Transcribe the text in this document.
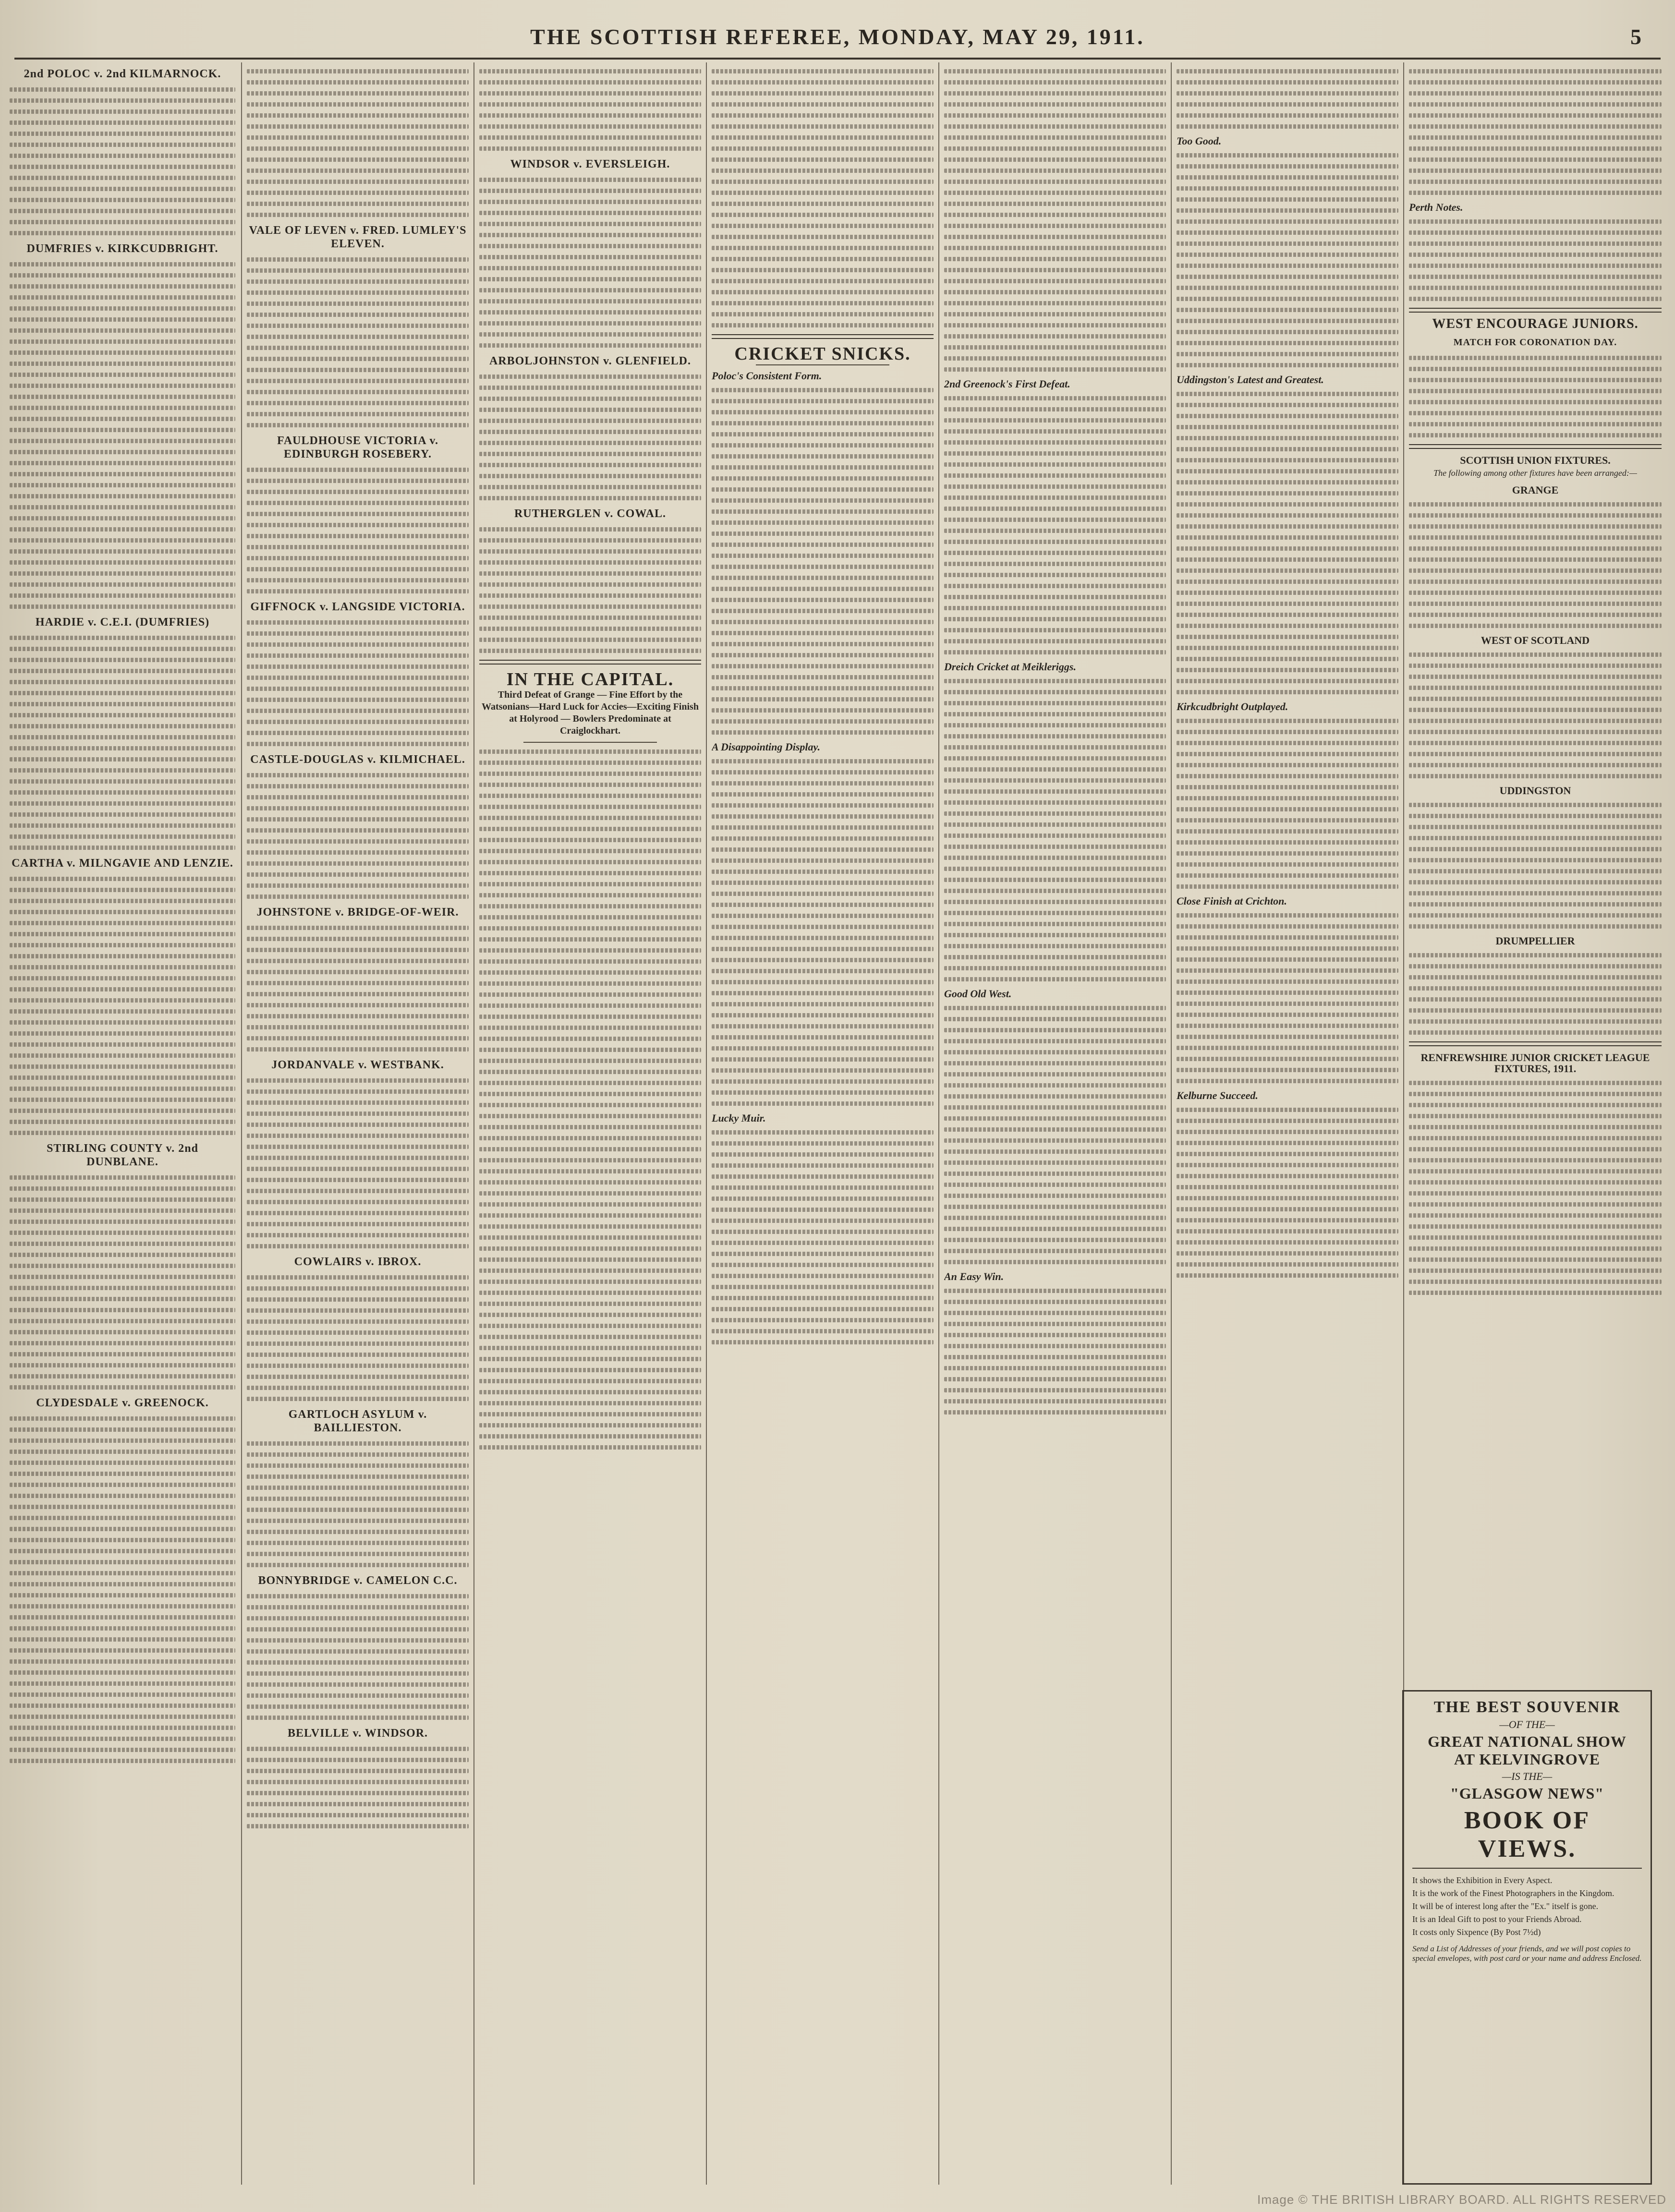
THE SCOTTISH REFEREE, MONDAY, MAY 29, 1911.	5
2nd POLOC v. 2nd KILMARNOCK.
DUMFRIES v. KIRKCUDBRIGHT.
HARDIE v. C.E.I. (DUMFRIES)
CARTHA v. MILNGAVIE AND LENZIE.
STIRLING COUNTY v. 2nd DUNBLANE.
CLYDESDALE v. GREENOCK.
VALE OF LEVEN v. FRED. LUMLEY'S ELEVEN.
FAULDHOUSE VICTORIA v. EDINBURGH ROSEBERY.
GIFFNOCK v. LANGSIDE VICTORIA.
CASTLE-DOUGLAS v. KILMICHAEL.
JOHNSTONE v. BRIDGE-OF-WEIR.
JORDANVALE v. WESTBANK.
COWLAIRS v. IBROX.
GARTLOCH ASYLUM v. BAILLIESTON.
BONNYBRIDGE v. CAMELON C.C.
BELVILLE v. WINDSOR.
WINDSOR v. EVERSLEIGH.
ARBOLJOHNSTON v. GLENFIELD.
RUTHERGLEN v. COWAL.
IN THE CAPITAL.
Third Defeat of Grange — Fine Effort by the Watsonians—Hard Luck for Accies—Exciting Finish at Holyrood — Bowlers Predominate at Craiglockhart.
CRICKET SNICKS.
Poloc's Consistent Form.
A Disappointing Display.
Lucky Muir.
2nd Greenock's First Defeat.
Dreich Cricket at Meikleriggs.
Good Old West.
An Easy Win.
Too Good.
Uddingston's Latest and Greatest.
Kirkcudbright Outplayed.
Close Finish at Crichton.
Kelburne Succeed.
Perth Notes.
WEST ENCOURAGE JUNIORS.
MATCH FOR CORONATION DAY.
SCOTTISH UNION FIXTURES.
The following among other fixtures have been arranged:—
GRANGE
WEST OF SCOTLAND
UDDINGSTON
DRUMPELLIER
RENFREWSHIRE JUNIOR CRICKET LEAGUE FIXTURES, 1911.
THE BEST SOUVENIR
—OF THE—
GREAT NATIONAL SHOW
AT KELVINGROVE
—IS THE—
"GLASGOW NEWS"
BOOK OF VIEWS.
It shows the Exhibition in Every Aspect.
It is the work of the Finest Photographers in the Kingdom.
It will be of interest long after the "Ex." itself is gone.
It is an Ideal Gift to post to your Friends Abroad.
It costs only Sixpence (By Post 7½d)
Send a List of Addresses of your friends, and we will post copies to special envelopes, with post card or your name and address Enclosed.
Image © THE BRITISH LIBRARY BOARD. ALL RIGHTS RESERVED
